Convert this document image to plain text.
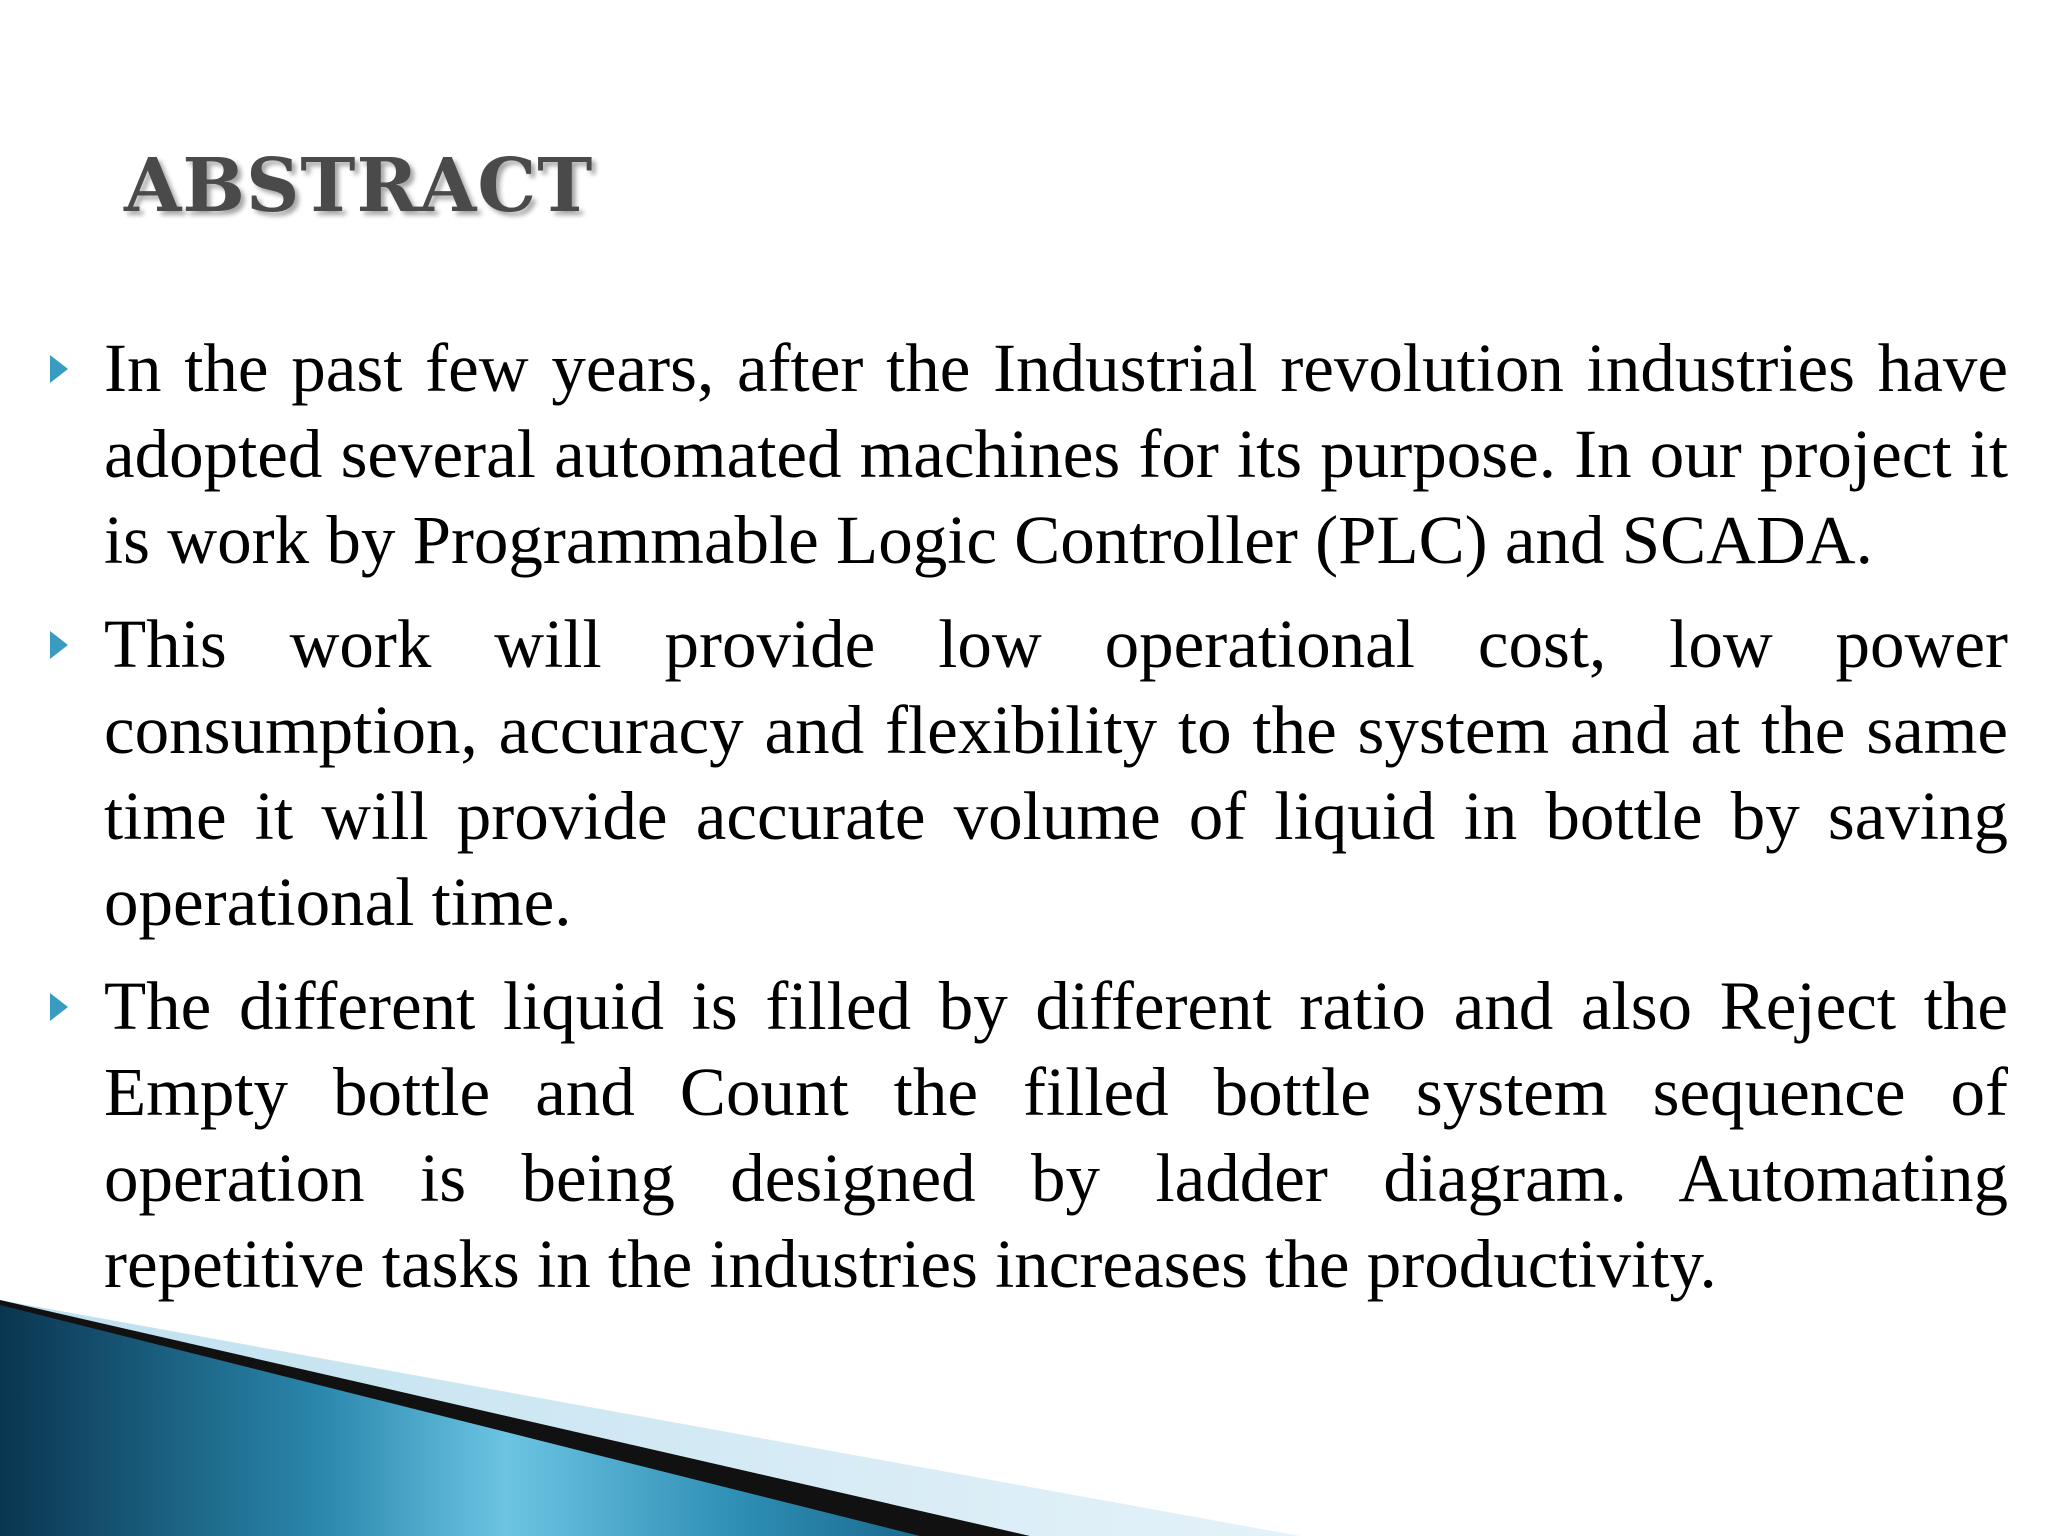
ABSTRACT
In the past few years, after the Industrial revolution industries have adopted several automated machines for its purpose. In our project it is work by Programmable Logic Controller (PLC) and SCADA.
This work will provide low operational cost, low power consumption, accuracy and flexibility to the system and at the same time it will provide accurate volume of liquid in bottle by saving operational time.
The different liquid is filled by different ratio and also Reject the Empty bottle and Count the filled bottle system sequence of operation is being designed by ladder diagram. Automating repetitive tasks in the industries increases the productivity.
